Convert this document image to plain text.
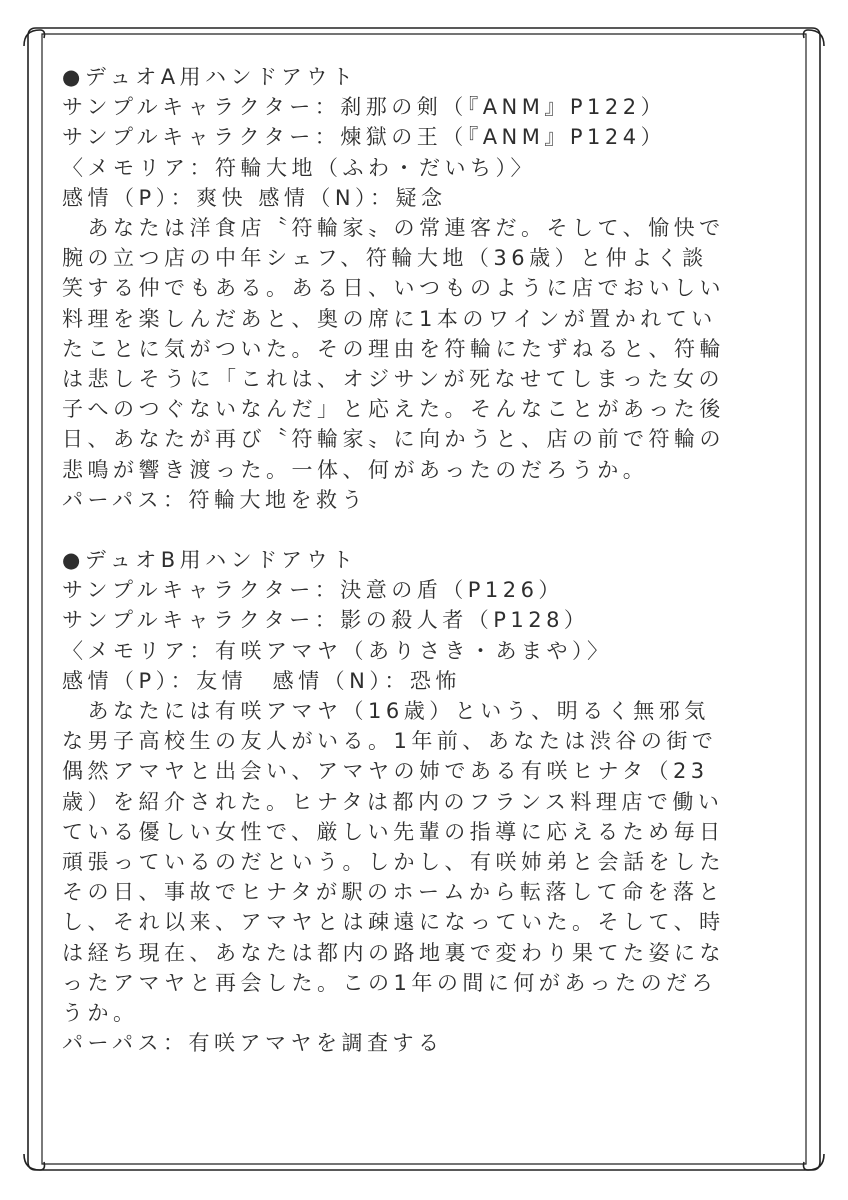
●デュオA用ハンドアウト
サンプルキャラクター：刹那の剣（『ANM』P122）
サンプルキャラクター：煉獄の王（『ANM』P124）
〈メモリア：符輪大地（ふわ・だいち）〉
感情（P）：爽快 感情（N）：疑念
　あなたは洋食店〝符輪家〟の常連客だ。そして、愉快で
腕の立つ店の中年シェフ、符輪大地（36歳）と仲よく談
笑する仲でもある。ある日、いつものように店でおいしい
料理を楽しんだあと、奥の席に1本のワインが置かれてい
たことに気がついた。その理由を符輪にたずねると、符輪
は悲しそうに「これは、オジサンが死なせてしまった女の
子へのつぐないなんだ」と応えた。そんなことがあった後
日、あなたが再び〝符輪家〟に向かうと、店の前で符輪の
悲鳴が響き渡った。一体、何があったのだろうか。
パーパス：符輪大地を救う
●デュオB用ハンドアウト
サンプルキャラクター：決意の盾（P126）
サンプルキャラクター：影の殺人者（P128）
〈メモリア：有咲アマヤ（ありさき・あまや）〉
感情（P）：友情　感情（N）：恐怖
　あなたには有咲アマヤ（16歳）という、明るく無邪気
な男子高校生の友人がいる。1年前、あなたは渋谷の街で
偶然アマヤと出会い、アマヤの姉である有咲ヒナタ（23
歳）を紹介された。ヒナタは都内のフランス料理店で働い
ている優しい女性で、厳しい先輩の指導に応えるため毎日
頑張っているのだという。しかし、有咲姉弟と会話をした
その日、事故でヒナタが駅のホームから転落して命を落と
し、それ以来、アマヤとは疎遠になっていた。そして、時
は経ち現在、あなたは都内の路地裏で変わり果てた姿にな
ったアマヤと再会した。この1年の間に何があったのだろ
うか。
パーパス：有咲アマヤを調査する
